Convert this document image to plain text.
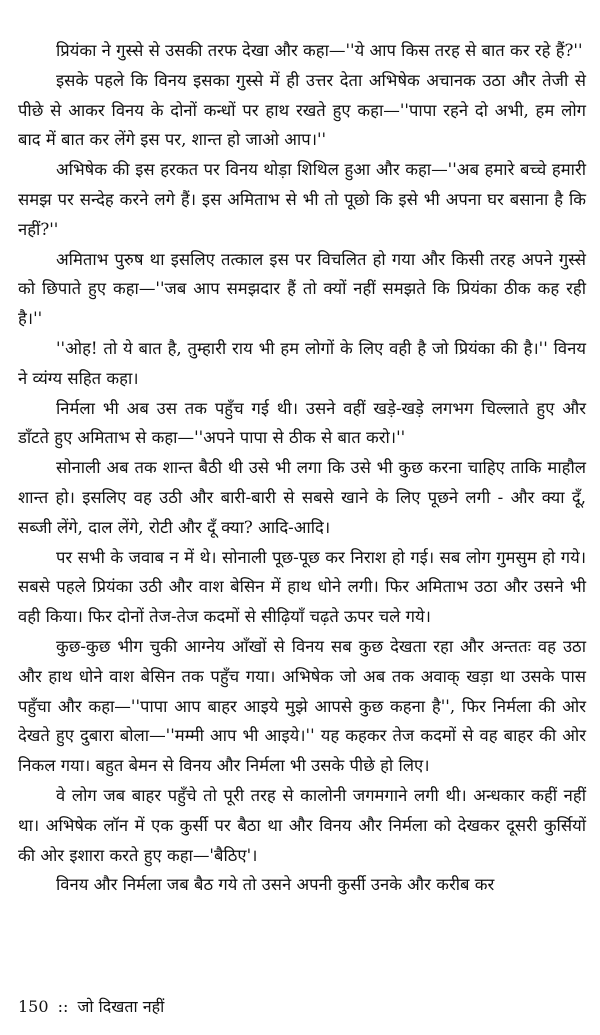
प्रियंका ने गुस्से से उसकी तरफ देखा और कहा—''ये आप किस तरह से बात कर रहे हैं?''

इसके पहले कि विनय इसका गुस्से में ही उत्तर देता अभिषेक अचानक उठा और तेजी से पीछे से आकर विनय के दोनों कन्धों पर हाथ रखते हुए कहा—''पापा रहने दो अभी, हम लोग बाद में बात कर लेंगे इस पर, शान्त हो जाओ आप।''

अभिषेक की इस हरकत पर विनय थोड़ा शिथिल हुआ और कहा—''अब हमारे बच्चे हमारी समझ पर सन्देह करने लगे हैं। इस अमिताभ से भी तो पूछो कि इसे भी अपना घर बसाना है कि नहीं?''

अमिताभ पुरुष था इसलिए तत्काल इस पर विचलित हो गया और किसी तरह अपने गुस्से को छिपाते हुए कहा—''जब आप समझदार हैं तो क्यों नहीं समझते कि प्रियंका ठीक कह रही है।''

''ओह! तो ये बात है, तुम्हारी राय भी हम लोगों के लिए वही है जो प्रियंका की है।'' विनय ने व्यंग्य सहित कहा।

निर्मला भी अब उस तक पहुँच गई थी। उसने वहीं खड़े-खड़े लगभग चिल्लाते हुए और डाँटते हुए अमिताभ से कहा—''अपने पापा से ठीक से बात करो।''

सोनाली अब तक शान्त बैठी थी उसे भी लगा कि उसे भी कुछ करना चाहिए ताकि माहौल शान्त हो। इसलिए वह उठी और बारी-बारी से सबसे खाने के लिए पूछने लगी - और क्या दूँ, सब्जी लेंगे, दाल लेंगे, रोटी और दूँ क्या? आदि-आदि।

पर सभी के जवाब न में थे। सोनाली पूछ-पूछ कर निराश हो गई। सब लोग गुमसुम हो गये। सबसे पहले प्रियंका उठी और वाश बेसिन में हाथ धोने लगी। फिर अमिताभ उठा और उसने भी वही किया। फिर दोनों तेज-तेज कदमों से सीढ़ियाँ चढ़ते ऊपर चले गये।

कुछ-कुछ भीग चुकी आग्नेय आँखों से विनय सब कुछ देखता रहा और अन्ततः वह उठा और हाथ धोने वाश बेसिन तक पहुँच गया। अभिषेक जो अब तक अवाक् खड़ा था उसके पास पहुँचा और कहा—''पापा आप बाहर आइये मुझे आपसे कुछ कहना है'', फिर निर्मला की ओर देखते हुए दुबारा बोला—''मम्मी आप भी आइये।'' यह कहकर तेज कदमों से वह बाहर की ओर निकल गया। बहुत बेमन से विनय और निर्मला भी उसके पीछे हो लिए।

वे लोग जब बाहर पहुँचे तो पूरी तरह से कालोनी जगमगाने लगी थी। अन्धकार कहीं नहीं था। अभिषेक लॉन में एक कुर्सी पर बैठा था और विनय और निर्मला को देखकर दूसरी कुर्सियों की ओर इशारा करते हुए कहा—'बैठिए'।

विनय और निर्मला जब बैठ गये तो उसने अपनी कुर्सी उनके और करीब कर

150 :: जो दिखता नहीं
